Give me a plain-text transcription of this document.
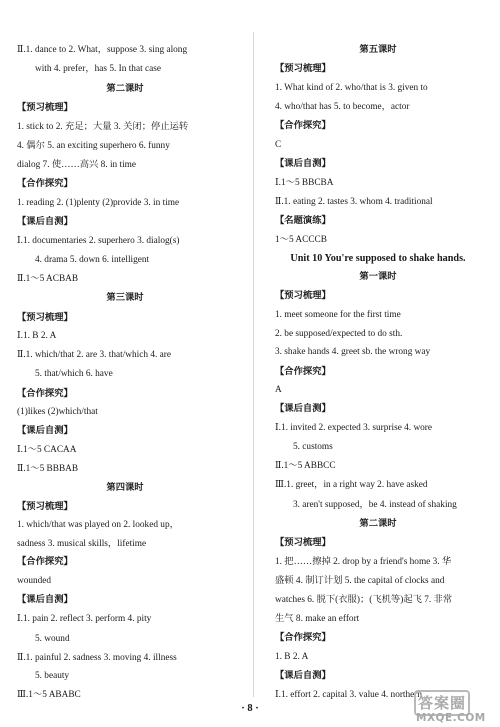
Ⅱ.1. dance to 2. What，suppose 3. sing along
with 4. prefer，has 5. In that case
第二课时
【预习梳理】
1. stick to 2. 充足；大量 3. 关闭；停止运转
4. 偶尔 5. an exciting superhero 6. funny
dialog 7. 使……高兴 8. in time
【合作探究】
1. reading 2. (1)plenty (2)provide 3. in time
【课后自测】
Ⅰ.1. documentaries 2. superhero 3. dialog(s)
4. drama 5. down 6. intelligent
Ⅱ.1～5 ACBAB
第三课时
【预习梳理】
Ⅰ.1. B 2. A
Ⅱ.1. which/that 2. are 3. that/which 4. are
5. that/which 6. have
【合作探究】
(1)likes (2)which/that
【课后自测】
Ⅰ.1～5 CACAA
Ⅱ.1～5 BBBAB
第四课时
【预习梳理】
1. which/that was played on 2. looked up，
sadness 3. musical skills，lifetime
【合作探究】
wounded
【课后自测】
Ⅰ.1. pain 2. reflect 3. perform 4. pity
5. wound
Ⅱ.1. painful 2. sadness 3. moving 4. illness
5. beauty
Ⅲ.1～5 ABABC
第五课时
【预习梳理】
1. What kind of 2. who/that is 3. given to
4. who/that has 5. to become，actor
【合作探究】
C
【课后自测】
Ⅰ.1～5 BBCBA
Ⅱ.1. eating 2. tastes 3. whom 4. traditional
【名题演练】
1～5 ACCCB
Unit 10 You're supposed to shake hands.
第一课时
【预习梳理】
1. meet someone for the first time
2. be supposed/expected to do sth.
3. shake hands 4. greet sb. the wrong way
【合作探究】
A
【课后自测】
Ⅰ.1. invited 2. expected 3. surprise 4. wore
5. customs
Ⅱ.1～5 ABBCC
Ⅲ.1. greet，in a right way 2. have asked
3. aren't supposed，be 4. instead of shaking
第二课时
【预习梳理】
1. 把……擦掉 2. drop by a friend's home 3. 华
盛顿 4. 制订计划 5. the capital of clocks and
watches 6. 脱下(衣服)；(飞机等)起飞 7. 非常
生气 8. make an effort
【合作探究】
1. B 2. A
【课后自测】
Ⅰ.1. effort 2. capital 3. value 4. northern
· 8 ·	答案圈
MXQE.COM
